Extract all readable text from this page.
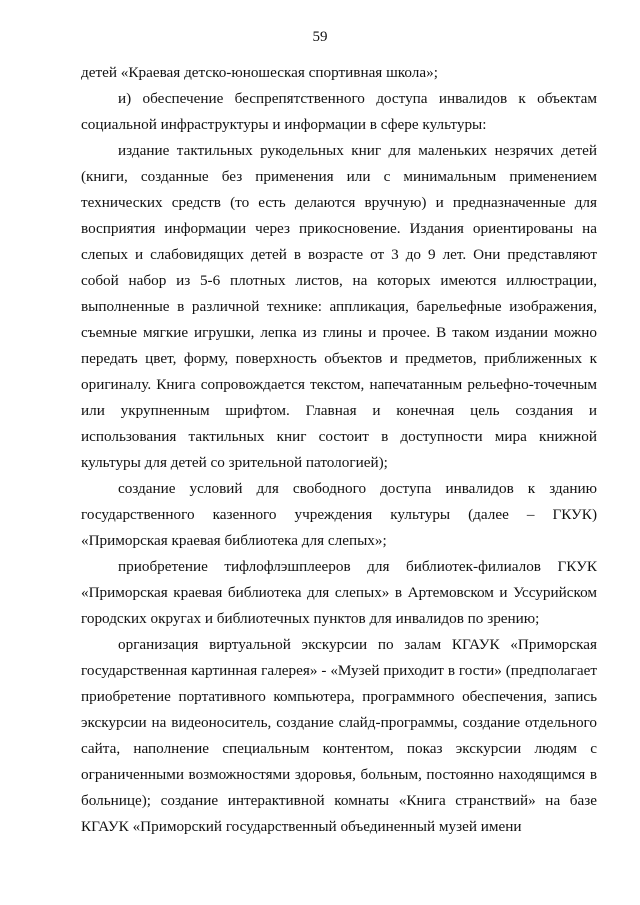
59

детей «Краевая детско-юношеская спортивная школа»;

и) обеспечение беспрепятственного доступа инвалидов к объектам социальной инфраструктуры и информации в сфере культуры:

издание тактильных рукодельных книг для маленьких незрячих детей (книги, созданные без применения или с минимальным применением технических средств (то есть делаются вручную) и предназначенные для восприятия информации через прикосновение. Издания ориентированы на слепых и слабовидящих детей в возрасте от 3 до 9 лет. Они представляют собой набор из 5-6 плотных листов, на которых имеются иллюстрации, выполненные в различной технике: аппликация, барельефные изображения, съемные мягкие игрушки, лепка из глины и прочее. В таком издании можно передать цвет, форму, поверхность объектов и предметов, приближенных к оригиналу. Книга сопровождается текстом, напечатанным рельефно-точечным или укрупненным шрифтом. Главная и конечная цель создания и использования тактильных книг состоит в доступности мира книжной культуры для детей со зрительной патологией);

создание условий для свободного доступа инвалидов к зданию государственного казенного учреждения культуры (далее – ГКУК) «Приморская краевая библиотека для слепых»;

приобретение тифлофлэшплееров для библиотек-филиалов ГКУК «Приморская краевая библиотека для слепых» в Артемовском и Уссурийском городских округах и библиотечных пунктов для инвалидов по зрению;

организация виртуальной экскурсии по залам КГАУК «Приморская государственная картинная галерея» - «Музей приходит в гости» (предполагает приобретение портативного компьютера, программного обеспечения, запись экскурсии на видеоноситель, создание слайд-программы, создание отдельного сайта, наполнение специальным контентом, показ экскурсии людям с ограниченными возможностями здоровья, больным, постоянно находящимся в больнице); создание интерактивной комнаты «Книга странствий» на базе КГАУК «Приморский государственный объединенный музей имени
